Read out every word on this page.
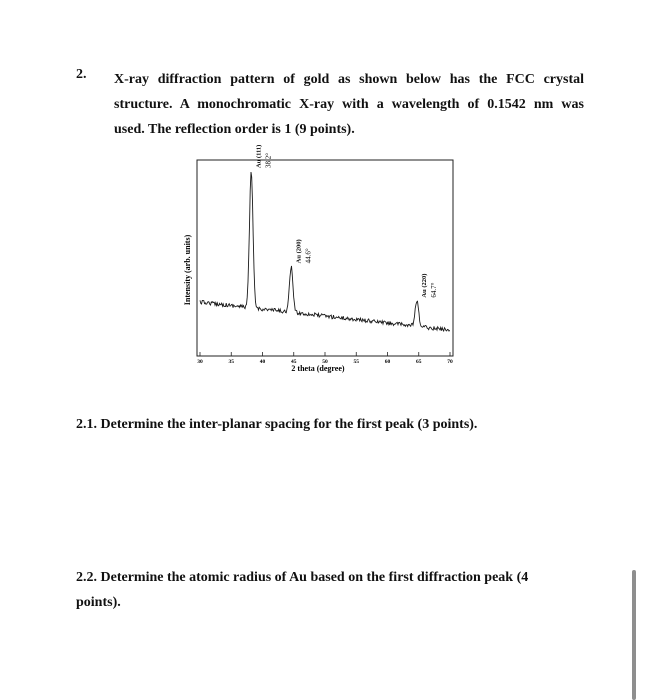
2. X-ray diffraction pattern of gold as shown below has the FCC crystal
structure. A monochromatic X-ray with a wavelength of 0.1542 nm was
used. The reflection order is 1 (9 points).
30	35	40	45	50	55	60	65	70
Au (111) 38.2°
Au (200) 44.6°
Au (220) 64.7°
2 theta (degree)
Intensity (arb. units)
2.1. Determine the inter-planar spacing for the first peak (3 points).
2.2. Determine the atomic radius of Au based on the first diffraction peak (4 points).
